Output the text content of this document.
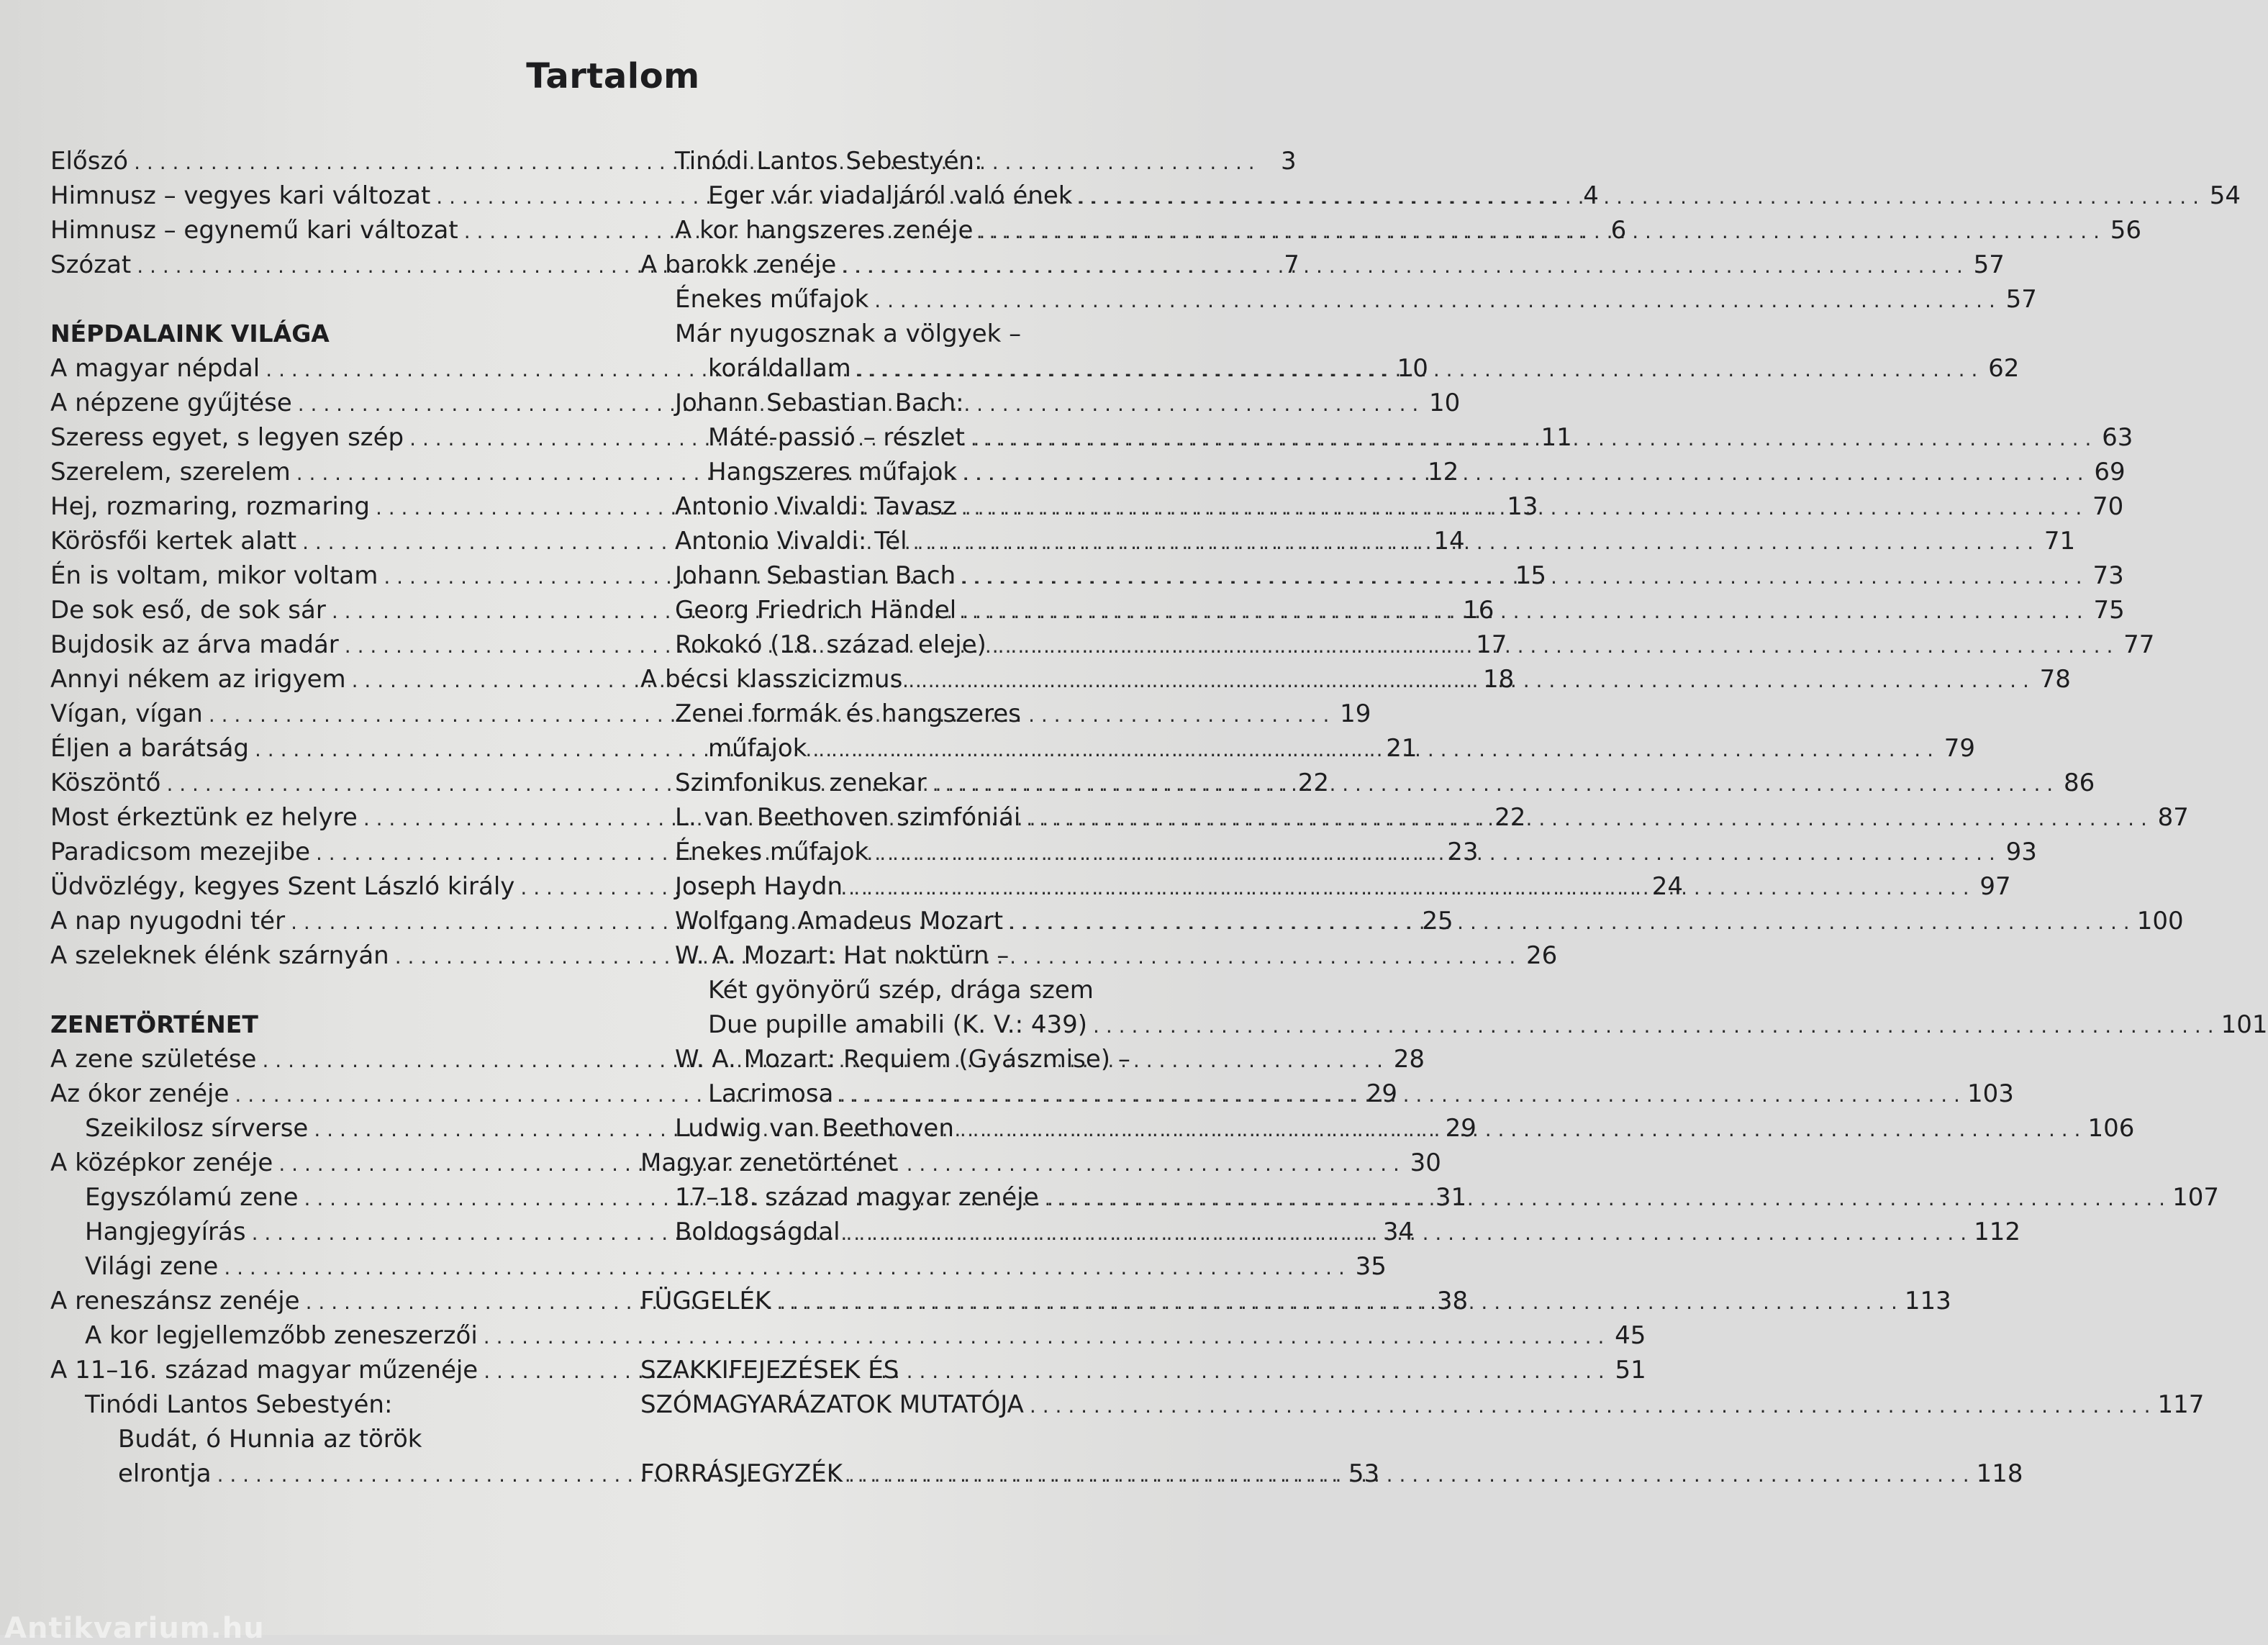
Tartalom
Előszó . . .	3
Himnusz – vegyes kari változat . . .	4
Himnusz – egynemű kari változat . . .	6
Szózat . . .	7
NÉPDALAINK VILÁGA
A magyar népdal . . .	10
A népzene gyűjtése . . .	10
Szeress egyet, s legyen szép . . .	11
Szerelem, szerelem . . .	12
Hej, rozmaring, rozmaring . . .	13
Körösfői kertek alatt . . .	14
Én is voltam, mikor voltam . . .	15
De sok eső, de sok sár . . .	16
Bujdosik az árva madár . . .	17
Annyi nékem az irigyem . . .	18
Vígan, vígan . . .	19
Éljen a barátság . . .	21
Köszöntő . . .	22
Most érkeztünk ez helyre . . .	22
Paradicsom mezejibe . . .	23
Üdvözlégy, kegyes Szent László király . . .	24
A nap nyugodni tér . . .	25
A szeleknek élénk szárnyán . . .	26
ZENETÖRTÉNET
A zene születése . . .	28
Az ókor zenéje . . .	29
Szeikilosz sírverse . . .	29
A középkor zenéje . . .	30
Egyszólamú zene . . .	31
Hangjegyírás . . .	34
Világi zene . . .	35
A reneszánsz zenéje . . .	38
A kor legjellemzőbb zeneszerzői . . .	45
A 11–16. század magyar műzenéje . . .	51
Tinódi Lantos Sebestyén:
Budát, ó Hunnia az török
elrontja . . .	53
Tinódi Lantos Sebestyén:
Eger vár viadaljáról való ének . . .	54
A kor hangszeres zenéje . . .	56
A barokk zenéje . . .	57
Énekes műfajok . . .	57
Már nyugosznak a völgyek –
koráldallam . . .	62
Johann Sebastian Bach:
Máté-passió – részlet . . .	63
Hangszeres műfajok . . .	69
Antonio Vivaldi: Tavasz . . .	70
Antonio Vivaldi: Tél . . .	71
Johann Sebastian Bach . . .	73
Georg Friedrich Händel . . .	75
Rokokó (18. század eleje) . . .	77
A bécsi klasszicizmus . . .	78
Zenei formák és hangszeres
műfajok . . .	79
Szimfonikus zenekar . . .	86
L. van Beethoven szimfóniái . . .	87
Énekes műfajok . . .	93
Joseph Haydn . . .	97
Wolfgang Amadeus Mozart . . .	100
W. A. Mozart: Hat noktürn –
Két gyönyörű szép, drága szem
Due pupille amabili (K. V.: 439) . . .	101
W. A. Mozart: Requiem (Gyászmise) –
Lacrimosa . . .	103
Ludwig van Beethoven . . .	106
Magyar zenetörténet
17–18. század magyar zenéje . . .	107
Boldogságdal . . .	112
FÜGGELÉK . . .	113
SZAKKIFEJEZÉSEK ÉS
SZÓMAGYARÁZATOK MUTATÓJA . . .	117
FORRÁSJEGYZÉK . . .	118
Antikvarium.hu
